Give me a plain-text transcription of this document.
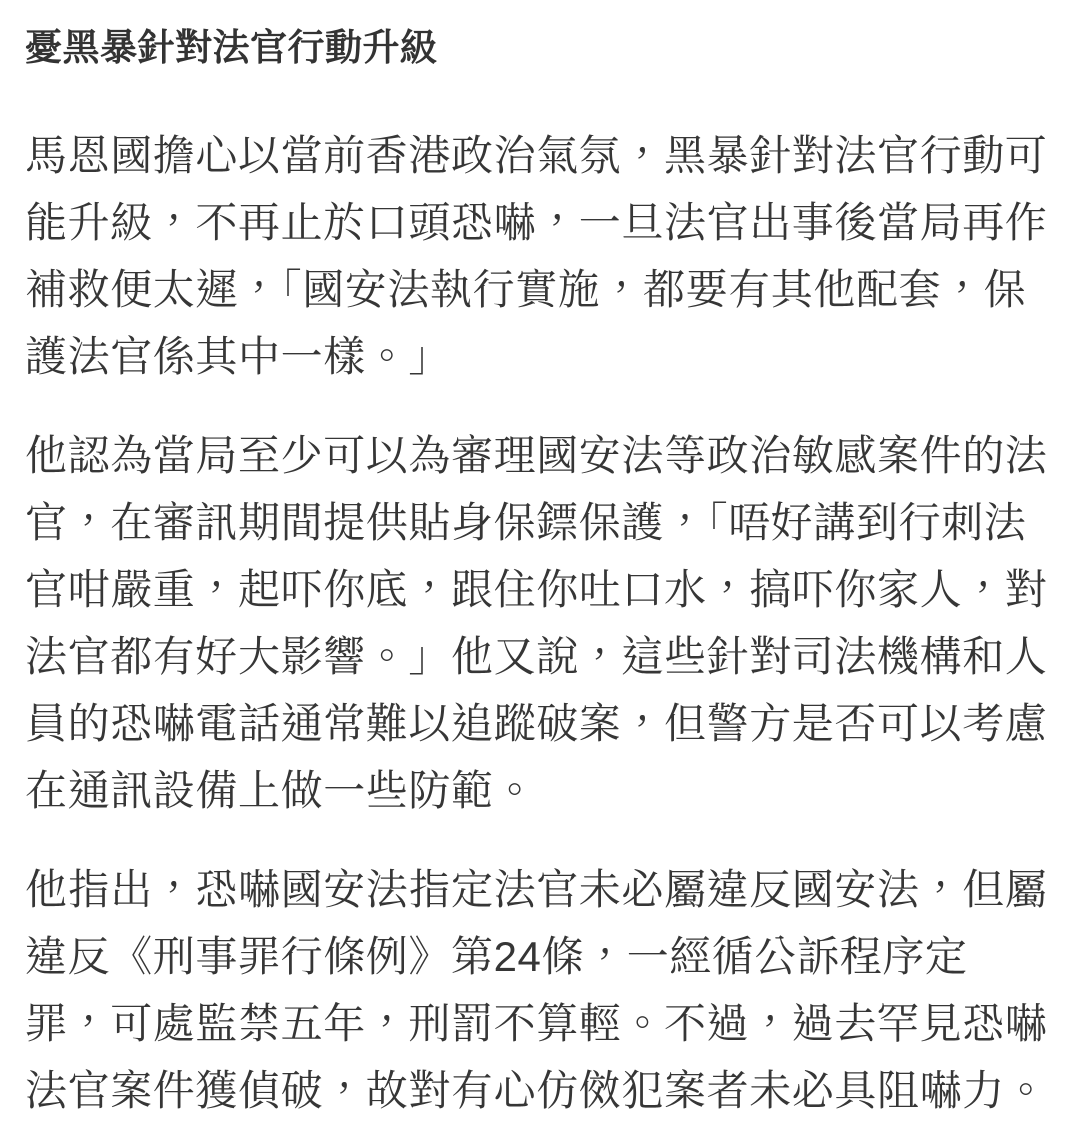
憂黑暴針對法官行動升級

馬恩國擔心以當前香港政治氣氛，黑暴針對法官行動可
能升級，不再止於口頭恐嚇，一旦法官出事後當局再作
補救便太遲，「國安法執行實施，都要有其他配套，保
護法官係其中一樣。」

他認為當局至少可以為審理國安法等政治敏感案件的法
官，在審訊期間提供貼身保鏢保護，「唔好講到行刺法
官咁嚴重，起吓你底，跟住你吐口水，搞吓你家人，對
法官都有好大影響。」他又說，這些針對司法機構和人
員的恐嚇電話通常難以追蹤破案，但警方是否可以考慮
在通訊設備上做一些防範。

他指出，恐嚇國安法指定法官未必屬違反國安法，但屬
違反《刑事罪行條例》第24條，一經循公訴程序定
罪，可處監禁五年，刑罰不算輕。不過，過去罕見恐嚇
法官案件獲偵破，故對有心仿傚犯案者未必具阻嚇力。
